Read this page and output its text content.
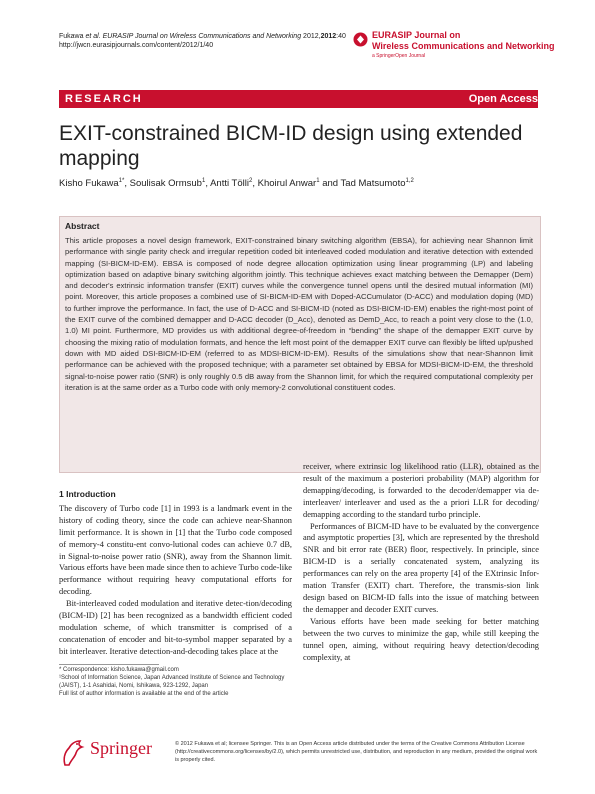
Fukawa et al. EURASIP Journal on Wireless Communications and Networking 2012,2012:40
http://jwcn.eurasipjournals.com/content/2012/1/40
EURASIP Journal on
Wireless Communications and Networking
a SpringerOpen Journal
RESEARCH	Open Access
EXIT-constrained BICM-ID design using extended mapping
Kisho Fukawa$^{1*}$, Soulisak Ormsub$^1$, Antti Tölli$^2$, Khoirul Anwar$^1$ and Tad Matsumoto$^{1,2}$
Abstract
This article proposes a novel design framework, EXIT-constrained binary switching algorithm (EBSA), for achieving near Shannon limit performance with single parity check and irregular repetition coded bit interleaved coded modulation and iterative detection with extended mapping (SI-BICM-ID-EM). EBSA is composed of node degree allocation optimization using linear programming (LP) and labeling optimization based on adaptive binary switching algorithm jointly. This technique achieves exact matching between the Demapper (Dem) and decoder's extrinsic information transfer (EXIT) curves while the convergence tunnel opens until the desired mutual information (MI) point. Moreover, this article proposes a combined use of SI-BICM-ID-EM with Doped-ACCumulator (D-ACC) and modulation doping (MD) to further improve the performance. In fact, the use of D-ACC and SI-BICM-ID (noted as DSI-BICM-ID-EM) enables the right-most point of the EXIT curve of the combined demapper and D-ACC decoder (D_Acc), denoted as DemD_Acc, to reach a point very close to the (1.0, 1.0) MI point. Furthermore, MD provides us with additional degree-of-freedom in “bending” the shape of the demapper EXIT curve by choosing the mixing ratio of modulation formats, and hence the left most point of the demapper EXIT curve can flexibly be lifted up/pushed down with MD aided DSI-BICM-ID-EM (referred to as MDSI-BICM-ID-EM). Results of the simulations show that near-Shannon limit performance can be achieved with the proposed technique; with a parameter set obtained by EBSA for MDSI-BICM-ID-EM, the threshold signal-to-noise power ratio (SNR) is only roughly 0.5 dB away from the Shannon limit, for which the required computational complexity per iteration is at the same order as a Turbo code with only memory-2 convolutional constituent codes.
1 Introduction

The discovery of Turbo code [1] in 1993 is a landmark event in the history of coding theory, since the code can achieve near-Shannon limit performance. It is shown in [1] that the Turbo code composed of memory-4 constitu-ent convo-lutional codes can achieve 0.7 dB, in Signal-to-noise power ratio (SNR), away from the Shannon limit. Various efforts have been made since then to achieve Turbo code-like performance without requiring heavy computational efforts for decoding.

Bit-interleaved coded modulation and iterative detec-tion/decoding (BICM-ID) [2] has been recognized as a bandwidth efficient coded modulation scheme, of which transmitter is comprised of a concatenation of encoder and bit-to-symbol mapper separated by a bit interleaver. Iterative detection-and-decoding takes place at the

receiver, where extrinsic log likelihood ratio (LLR), obtained as the result of the maximum a posteriori probability (MAP) algorithm for demapping/decoding, is forwarded to the decoder/demapper via de-interleaver/ interleaver and used as the a priori LLR for decoding/ demapping according to the standard turbo principle.

Performances of BICM-ID have to be evaluated by the convergence and asymptotic properties [3], which are represented by the threshold SNR and bit error rate (BER) floor, respectively. In principle, since BICM-ID is a serially concatenated system, analyzing its performances can rely on the area property [4] of the EXtrinsic Infor-mation Transfer (EXIT) chart. Therefore, the transmis-sion link design based on BICM-ID falls into the issue of matching between the demapper and decoder EXIT curves.

Various efforts have been made seeking for better matching between the two curves to minimize the gap, while still keeping the tunnel open, aiming, without requiring heavy detection/decoding complexity, at

* Correspondence: kisho.fukawa@gmail.com
¹School of Information Science, Japan Advanced Institute of Science and Technology (JAIST), 1-1 Asahidai, Nomi, Ishikawa, 923-1292, Japan
Full list of author information is available at the end of the article
Springer	© 2012 Fukawa et al; licensee Springer. This is an Open Access article distributed under the terms of the Creative Commons Attribution License (http://creativecommons.org/licenses/by/2.0), which permits unrestricted use, distribution, and reproduction in any medium, provided the original work is properly cited.
